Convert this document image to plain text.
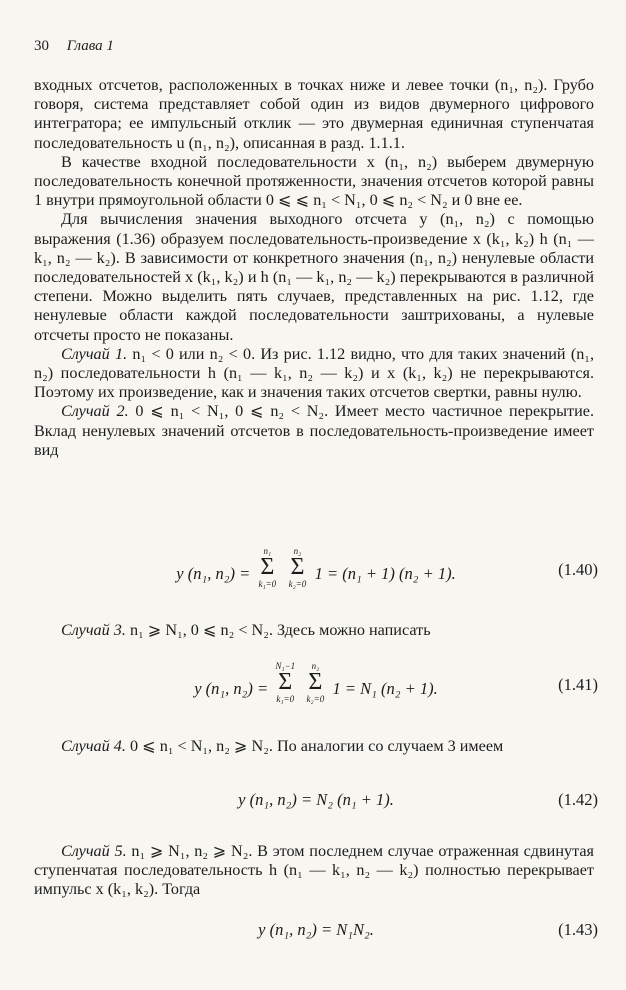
30 Глава 1

входных отсчетов, расположенных в точках ниже и левее точки (n₁, n₂). Грубо говоря, система представляет собой один из видов двумерного цифрового интегратора; ее импульсный отклик — это двумерная единичная ступенчатая последовательность u (n₁, n₂), описанная в разд. 1.1.1.

В качестве входной последовательности x (n₁, n₂) выберем двумерную последовательность конечной протяженности, значения отсчетов которой равны 1 внутри прямоугольной области 0 ⩽ ⩽ n₁ < N₁, 0 ⩽ n₂ < N₂ и 0 вне ее.

Для вычисления значения выходного отсчета y (n₁, n₂) с помощью выражения (1.36) образуем последовательность-произведение x (k₁, k₂) h (n₁ — k₁, n₂ — k₂). В зависимости от конкретного значения (n₁, n₂) ненулевые области последовательностей x (k₁, k₂) и h (n₁ — k₁, n₂ — k₂) перекрываются в различной степени. Можно выделить пять случаев, представленных на рис. 1.12, где ненулевые области каждой последовательности заштрихованы, а нулевые отсчеты просто не показаны.

Случай 1. n₁ < 0 или n₂ < 0. Из рис. 1.12 видно, что для таких значений (n₁, n₂) последовательности h (n₁ — k₁, n₂ — k₂) и x (k₁, k₂) не перекрываются. Поэтому их произведение, как и значения таких отсчетов свертки, равны нулю.

Случай 2. 0 ⩽ n₁ < N₁, 0 ⩽ n₂ < N₂. Имеет место частичное перекрытие. Вклад ненулевых значений отсчетов в последовательность-произведение имеет вид

y (n₁, n₂) =
n₁
Σ
k₁=0

n₂
Σ
k₂=0
1 = (n₁ + 1) (n₂ + 1).	(1.40)

Случай 3. n₁ ⩾ N₁, 0 ⩽ n₂ < N₂. Здесь можно написать

y (n₁, n₂) =
N₁−1
Σ
k₁=0

n₂
Σ
k₂=0
1 = N₁ (n₂ + 1).	(1.41)

Случай 4. 0 ⩽ n₁ < N₁, n₂ ⩾ N₂. По аналогии со случаем 3 имеем

y (n₁, n₂) = N₂ (n₁ + 1).	(1.42)

Случай 5. n₁ ⩾ N₁, n₂ ⩾ N₂. В этом последнем случае отраженная сдвинутая ступенчатая последовательность h (n₁ — k₁, n₂ — k₂) полностью перекрывает импульс x (k₁, k₂). Тогда

y (n₁, n₂) = N₁N₂.	(1.43)
